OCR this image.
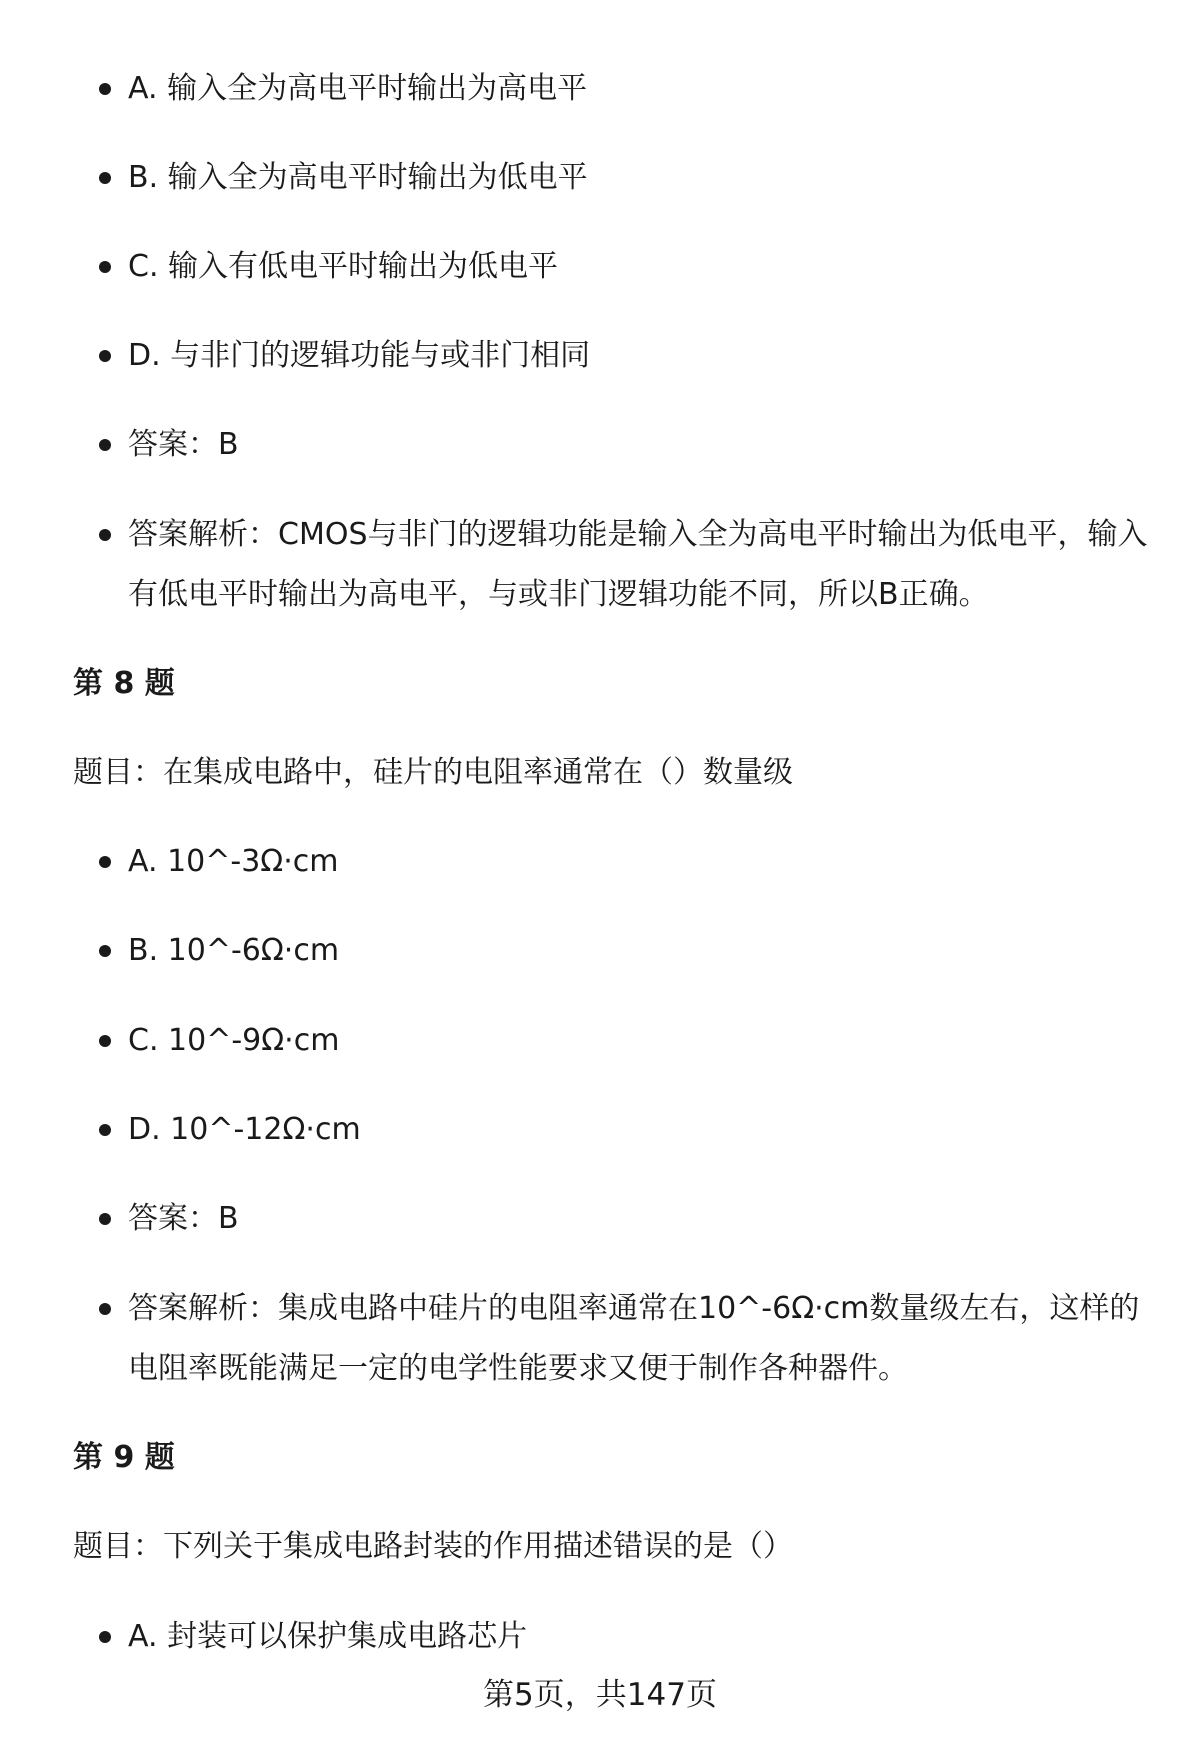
A. 输入全为高电平时输出为高电平
B. 输入全为高电平时输出为低电平
C. 输入有低电平时输出为低电平
D. 与非门的逻辑功能与或非门相同
答案：B
答案解析：CMOS与非门的逻辑功能是输入全为高电平时输出为低电平，输入有低电平时输出为高电平，与或非门逻辑功能不同，所以B正确。
第 8 题
题目：在集成电路中，硅片的电阻率通常在（）数量级
A. 10^-3Ω·cm
B. 10^-6Ω·cm
C. 10^-9Ω·cm
D. 10^-12Ω·cm
答案：B
答案解析：集成电路中硅片的电阻率通常在10^-6Ω·cm数量级左右，这样的电阻率既能满足一定的电学性能要求又便于制作各种器件。
第 9 题
题目：下列关于集成电路封装的作用描述错误的是（）
A. 封装可以保护集成电路芯片
第5页，共147页
